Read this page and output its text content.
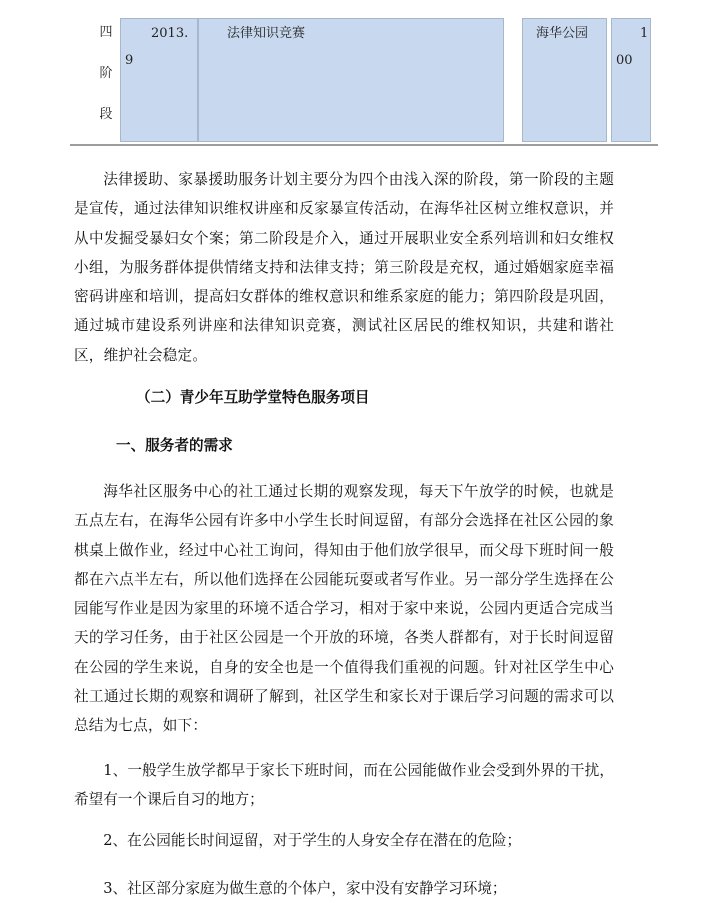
四
阶
段
2013.
9
法律知识竞赛	海华公园	1
00

法律援助、家暴援助服务计划主要分为四个由浅入深的阶段，第一阶段的主题是宣传，通过法律知识维权讲座和反家暴宣传活动，在海华社区树立维权意识，并从中发掘受暴妇女个案；第二阶段是介入，通过开展职业安全系列培训和妇女维权小组，为服务群体提供情绪支持和法律支持；第三阶段是充权，通过婚姻家庭幸福密码讲座和培训，提高妇女群体的维权意识和维系家庭的能力；第四阶段是巩固，通过城市建设系列讲座和法律知识竞赛，测试社区居民的维权知识，共建和谐社区，维护社会稳定。

（二）青少年互助学堂特色服务项目

一、服务者的需求

海华社区服务中心的社工通过长期的观察发现，每天下午放学的时候，也就是五点左右，在海华公园有许多中小学生长时间逗留，有部分会选择在社区公园的象棋桌上做作业，经过中心社工询问，得知由于他们放学很早，而父母下班时间一般都在六点半左右，所以他们选择在公园能玩耍或者写作业。另一部分学生选择在公园能写作业是因为家里的环境不适合学习，相对于家中来说，公园内更适合完成当天的学习任务，由于社区公园是一个开放的环境，各类人群都有，对于长时间逗留在公园的学生来说，自身的安全也是一个值得我们重视的问题。针对社区学生中心社工通过长期的观察和调研了解到，社区学生和家长对于课后学习问题的需求可以总结为七点，如下：

1、一般学生放学都早于家长下班时间，而在公园能做作业会受到外界的干扰，希望有一个课后自习的地方；

2、在公园能长时间逗留，对于学生的人身安全存在潜在的危险；

3、社区部分家庭为做生意的个体户，家中没有安静学习环境；
